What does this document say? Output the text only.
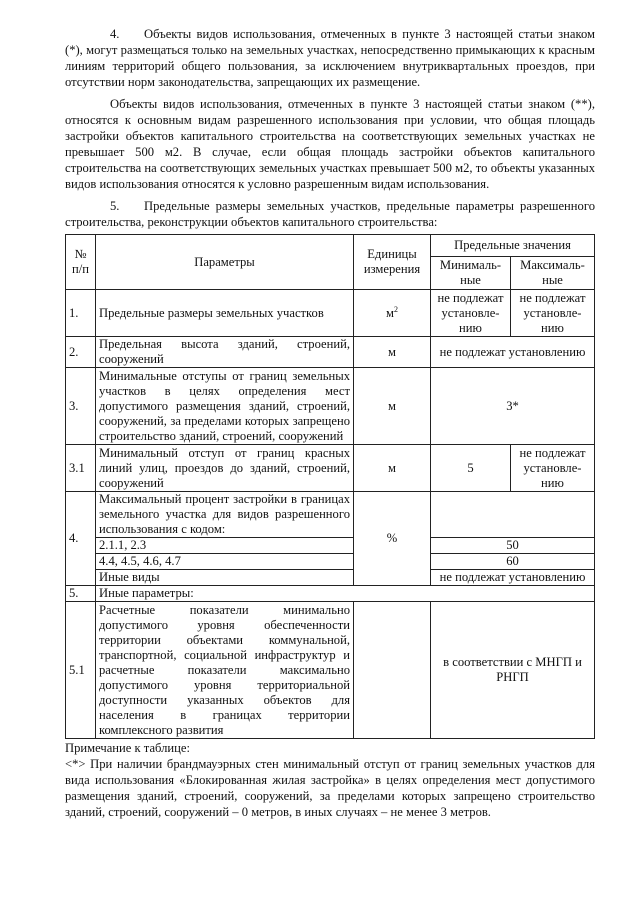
4. Объекты видов использования, отмеченных в пункте 3 настоящей статьи знаком (*), могут размещаться только на земельных участках, непосредственно примыкающих к красным линиям территорий общего пользования, за исключением внутриквартальных проездов, при отсутствии норм законодательства, запрещающих их размещение.

Объекты видов использования, отмеченных в пункте 3 настоящей статьи знаком (**), относятся к основным видам разрешенного использования при условии, что общая площадь застройки объектов капитального строительства на соответствующих земельных участках не превышает 500 м2. В случае, если общая площадь застройки объектов капитального строительства на соответствующих земельных участках превышает 500 м2, то объекты указанных видов использования относятся к условно разрешенным видам использования.

5. Предельные размеры земельных участков, предельные параметры разрешенного строительства, реконструкции объектов капитального строительства:

№ п/п	Параметры	Единицы измерения	Предельные значения	
			Минималь-ные	Максималь-ные
1.	Предельные размеры земельных участков	$м^2$	не подлежат установле-нию	не подлежат установле-нию
2.	Предельная высота зданий, строений, сооружений	м	не подлежат установлению	
3.	Минимальные отступы от границ земельных участков в целях определения мест допустимого размещения зданий, строений, сооружений, за пределами которых запрещено строительство зданий, строений, сооружений	м	3*	
3.1	Минимальный отступ от границ красных линий улиц, проездов до зданий, строений, сооружений	м	5	не подлежат установле-нию
4.	Максимальный процент застройки в границах земельного участка для видов разрешенного использования с кодом:	%		
	2.1.1, 2.3		50	
	4.4, 4.5, 4.6, 4.7		60	
	Иные виды		не подлежат установлению	
5.	Иные параметры:			
5.1	Расчетные показатели минимально допустимого уровня обеспеченности территории объектами коммунальной, транспортной, социальной инфраструктур и расчетные показатели максимально допустимого уровня территориальной доступности указанных объектов для населения в границах территории комплексного развития		в соответствии с МНГП и РНГП	

Примечание к таблице:

<*> При наличии брандмауэрных стен минимальный отступ от границ земельных участков для вида использования «Блокированная жилая застройка» в целях определения мест допустимого размещения зданий, строений, сооружений, за пределами которых запрещено строительство зданий, строений, сооружений – 0 метров, в иных случаях – не менее 3 метров.
